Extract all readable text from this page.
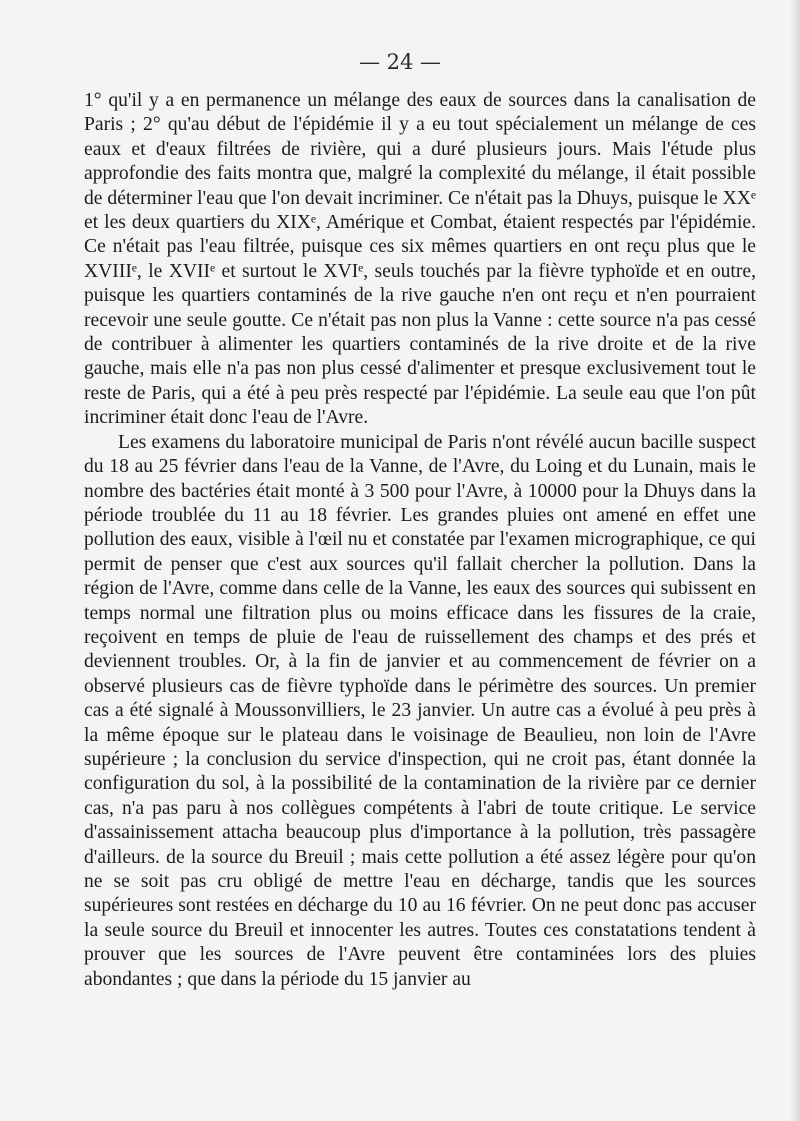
— 24 —

1° qu'il y a en permanence un mélange des eaux de sources dans la canalisation de Paris ; 2° qu'au début de l'épidémie il y a eu tout spécialement un mélange de ces eaux et d'eaux filtrées de rivière, qui a duré plusieurs jours. Mais l'étude plus approfondie des faits montra que, malgré la complexité du mélange, il était possible de déterminer l'eau que l'on devait incriminer. Ce n'était pas la Dhuys, puisque le XXᵉ et les deux quartiers du XIXᵉ, Amérique et Combat, étaient respectés par l'épidémie. Ce n'était pas l'eau filtrée, puisque ces six mêmes quartiers en ont reçu plus que le XVIIIᵉ, le XVIIᵉ et surtout le XVIᵉ, seuls touchés par la fièvre typhoïde et en outre, puisque les quartiers contaminés de la rive gauche n'en ont reçu et n'en pourraient recevoir une seule goutte. Ce n'était pas non plus la Vanne : cette source n'a pas cessé de contribuer à alimenter les quartiers contaminés de la rive droite et de la rive gauche, mais elle n'a pas non plus cessé d'alimenter et presque exclusivement tout le reste de Paris, qui a été à peu près respecté par l'épidémie. La seule eau que l'on pût incriminer était donc l'eau de l'Avre.

Les examens du laboratoire municipal de Paris n'ont révélé aucun bacille suspect du 18 au 25 février dans l'eau de la Vanne, de l'Avre, du Loing et du Lunain, mais le nombre des bactéries était monté à 3 500 pour l'Avre, à 10000 pour la Dhuys dans la période troublée du 11 au 18 février. Les grandes pluies ont amené en effet une pollution des eaux, visible à l'œil nu et constatée par l'examen micrographique, ce qui permit de penser que c'est aux sources qu'il fallait chercher la pollution. Dans la région de l'Avre, comme dans celle de la Vanne, les eaux des sources qui subissent en temps normal une filtration plus ou moins efficace dans les fissures de la craie, reçoivent en temps de pluie de l'eau de ruissellement des champs et des prés et deviennent troubles. Or, à la fin de janvier et au commencement de février on a observé plusieurs cas de fièvre typhoïde dans le périmètre des sources. Un premier cas a été signalé à Moussonvilliers, le 23 janvier. Un autre cas a évolué à peu près à la même époque sur le plateau dans le voisinage de Beaulieu, non loin de l'Avre supérieure ; la conclusion du service d'inspection, qui ne croit pas, étant donnée la configuration du sol, à la possibilité de la contamination de la rivière par ce dernier cas, n'a pas paru à nos collègues compétents à l'abri de toute critique. Le service d'assainissement attacha beaucoup plus d'importance à la pollution, très passagère d'ailleurs. de la source du Breuil ; mais cette pollution a été assez légère pour qu'on ne se soit pas cru obligé de mettre l'eau en décharge, tandis que les sources supérieures sont restées en décharge du 10 au 16 février. On ne peut donc pas accuser la seule source du Breuil et innocenter les autres. Toutes ces constatations tendent à prouver que les sources de l'Avre peuvent être contaminées lors des pluies abondantes ; que dans la période du 15 janvier au
